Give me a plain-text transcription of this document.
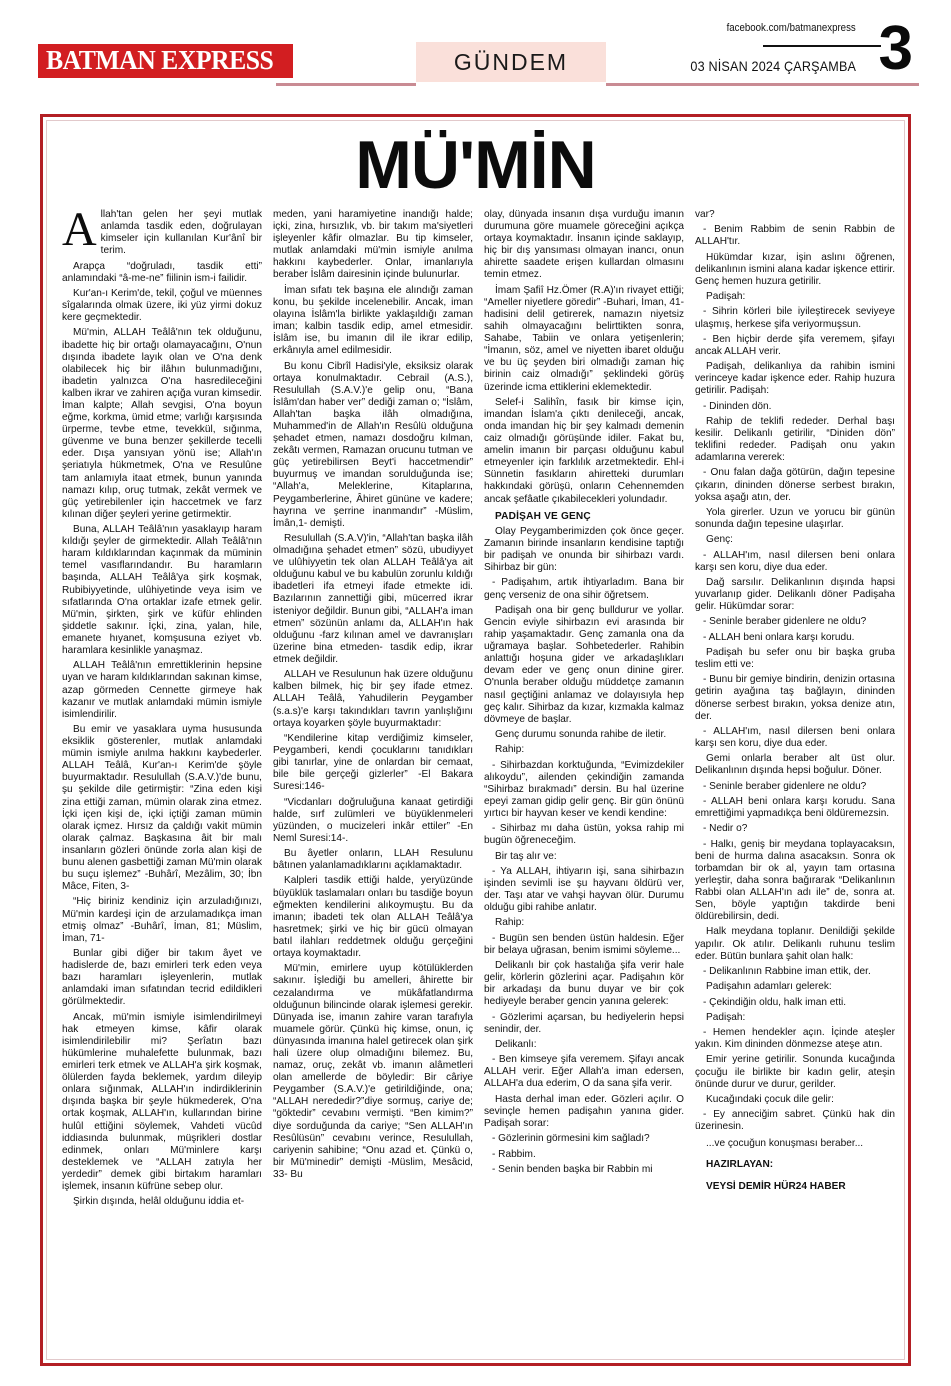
BATMAN EXPRESS	GÜNDEM
facebook.com/batmanexpress
03 NİSAN 2024 ÇARŞAMBA 3
MÜ'MİN

Allah'tan gelen her şeyi mutlak anlamda tasdik eden, doğrulayan kimseler için kullanılan Kur'ânî bir terim.

Arapça “doğruladı, tasdik etti” anlamındaki “â-me-ne” fiilinin ism-i failidir.

Kur'an-ı Kerim'de, tekil, çoğul ve müennes sîgalarında olmak üzere, iki yüz yirmi dokuz kere geçmektedir.

Mü'min, ALLAH Teâlâ'nın tek olduğunu, ibadette hiç bir ortağı olamayacağını, O'nun dışında ibadete layık olan ve O'na denk olabilecek hiç bir ilâhın bulunmadığını, ibadetin yalnızca O'na hasredileceğini kalben ikrar ve zahiren açığa vuran kimsedir. İman kalpte; Allah sevgisi, O'na boyun eğme, korkma, ümid etme; varlığı karşısında ürperme, tevbe etme, tevekkül, sığınma, güvenme ve buna benzer şekillerde tecelli eder. Dışa yansıyan yönü ise; Allah'ın şeriatıyla hükmetmek, O'na ve Resulûne tam anlamıyla itaat etmek, bunun yanında namazı kılıp, oruç tutmak, zekât vermek ve güç yetirebilenler için haccetmek ve farz kılınan diğer şeyleri yerine getirmektir.

Buna, ALLAH Teâlâ'nın yasaklayıp haram kıldığı şeyler de girmektedir. Allah Teâlâ'nın haram kıldıklarından kaçınmak da müminin temel vasıflarındandır. Bu haramların başında, ALLAH Teâlâ'ya şirk koşmak, Rubibiyyetinde, ulûhiyetinde veya isim ve sıfatlarında O'na ortaklar izafe etmek gelir. Mü'min, şirkten, şirk ve küfür ehlinden şiddetle sakınır. İçki, zina, yalan, hile, emanete hıyanet, komşusuna eziyet vb. haramlara kesinlikle yanaşmaz.

ALLAH Teâlâ'nın emrettiklerinin hepsine uyan ve haram kıldıklarından sakınan kimse, azap görmeden Cennette girmeye hak kazanır ve mutlak anlamdaki mümin ismiyle isimlendirilir.

Bu emir ve yasaklara uyma hususunda eksiklik gösterenler, mutlak anlamdaki mümin ismiyle anılma hakkını kaybederler. ALLAH Teâlâ, Kur'an-ı Kerim'de şöyle buyurmaktadır. Resulullah (S.A.V.)'de bunu, şu şekilde dile getirmiştir: “Zina eden kişi zina ettiği zaman, mümin olarak zina etmez. İçki içen kişi de, içki içtiği zaman mümin olarak içmez. Hırsız da çaldığı vakit mümin olarak çalmaz. Başkasına âit bir malı insanların gözleri önünde zorla alan kişi de bunu alenen gasbettiği zaman Mü'min olarak bu suçu işlemez” -Buhârî, Mezâlim, 30; İbn Mâce, Fiten, 3-

“Hiç biriniz kendiniz için arzuladığınızı, Mü'min kardeşi için de arzulamadıkça iman etmiş olmaz” -Buhârî, İman, 81; Müslim, İman, 71-

Bunlar gibi diğer bir takım âyet ve hadislerde de, bazı emirleri terk eden veya bazı haramları işleyenlerin, mutlak anlamdaki iman sıfatından tecrid edildikleri görülmektedir.

Ancak, mü'min ismiyle isimlendirilmeyi hak etmeyen kimse, kâfir olarak isimlendirilebilir mi? Şerîatın bazı hükümlerine muhalefette bulunmak, bazı emirleri terk etmek ve ALLAH'a şirk koşmak, ölülerden fayda beklemek, yardım dileyip onlara sığınmak, ALLAH'ın indirdiklerinin dışında başka bir şeyle hükmederek, O'na ortak koşmak, ALLAH'ın, kullarından birine hulûl ettiğini söylemek, Vahdeti vücûd iddiasında bulunmak, müşrikleri dostlar edinmek, onları Mü'minlere karşı desteklemek ve “ALLAH zatıyla her yerdedir” demek gibi birtakım haramları işlemek, insanın küfrüne sebep olur.

Şirkin dışında, helâl olduğunu iddia et-

meden, yani haramiyetine inandığı halde; içki, zina, hırsızlık, vb. bir takım ma'siyetleri işleyenler kâfir olmazlar. Bu tip kimseler, mutlak anlamdaki mü'min ismiyle anılma hakkını kaybederler. Onlar, imanlarıyla beraber İslâm dairesinin içinde bulunurlar.

İman sıfatı tek başına ele alındığı zaman konu, bu şekilde incelenebilir. Ancak, iman olayına İslâm'la birlikte yaklaşıldığı zaman iman; kalbin tasdik edip, amel etmesidir. İslâm ise, bu imanın dil ile ikrar edilip, erkânıyla amel edilmesidir.

Bu konu Cibrîl Hadisi'yle, eksiksiz olarak ortaya konulmaktadır. Cebrail (A.S.), Resulullah (S.A.V.)'e gelip onu, “Bana İslâm'dan haber ver” dediği zaman o; “İslâm, Allah'tan başka ilâh olmadığına, Muhammed'in de Allah'ın Resûlü olduğuna şehadet etmen, namazı dosdoğru kılman, zekâtı vermen, Ramazan orucunu tutman ve güç yetirebilirsen Beyt'i haccetmendir” buyurmuş ve imandan sorulduğunda ise; “Allah'a, Meleklerine, Kitaplarına, Peygamberlerine, Âhiret gününe ve kadere; hayrına ve şerrine inanmandır” -Müslim, İmân,1- demişti.

Resulullah (S.A.V)'in, “Allah'tan başka ilâh olmadığına şehadet etmen” sözü, ubudiyyet ve ulûhiyyetin tek olan ALLAH Teâlâ'ya ait olduğunu kabul ve bu kabulün zorunlu kıldığı ibadetleri ifa etmeyi ifade etmekte idi. Bazılarının zannettiği gibi, mücerred ikrar isteniyor değildir. Bunun gibi, “ALLAH'a iman etmen” sözünün anlamı da, ALLAH'ın hak olduğunu -farz kılınan amel ve davranışları üzerine bina etmeden- tasdik edip, ikrar etmek değildir.

ALLAH ve Resulunun hak üzere olduğunu kalben bilmek, hiç bir şey ifade etmez. ALLAH Teâlâ, Yahudilerin Peygamber (s.a.s)'e karşı takındıkları tavrın yanlışlığını ortaya koyarken şöyle buyurmaktadır:

“Kendilerine kitap verdiğimiz kimseler, Peygamberi, kendi çocuklarını tanıdıkları gibi tanırlar, yine de onlardan bir cemaat, bile bile gerçeği gizlerler” -El Bakara Suresi:146-

“Vicdanları doğruluğuna kanaat getirdiği halde, sırf zulümleri ve büyüklenmeleri yüzünden, o mucizeleri inkâr ettiler” -En Neml Suresi:14-.

Bu âyetler onların, LLAH Resulunu bâtınen yalanlamadıklarını açıklamaktadır.

Kalpleri tasdik ettiği halde, yeryüzünde büyüklük taslamaları onları bu tasdiğe boyun eğmekten kendilerini alıkoymuştu. Bu da imanın; ibadeti tek olan ALLAH Teâlâ'ya hasretmek; şirki ve hiç bir gücü olmayan batıl ilahları reddetmek olduğu gerçeğini ortaya koymaktadır.

Mü'min, emirlere uyup kötülüklerden sakınır. İşlediği bu amelleri, âhirette bir cezalandırma ve mükâfatlandırma olduğunun bilincinde olarak işlemesi gerekir. Dünyada ise, imanın zahire varan tarafıyla muamele görür. Çünkü hiç kimse, onun, iç dünyasında imanına halel getirecek olan şirk hali üzere olup olmadığını bilemez. Bu, namaz, oruç, zekât vb. imanın alâmetleri olan amellerde de böyledir: Bir câriye Peygamber (S.A.V.)'e getirildiğinde, ona; “ALLAH nerededir?”diye sormuş, cariye de; “göktedir” cevabını vermişti. “Ben kimim?” diye sorduğunda da cariye; “Sen ALLAH'ın Resûlüsün” cevabını verince, Resulullah, cariyenin sahibine; “Onu azad et. Çünkü o, bir Mü'minedir” demişti -Müslim, Mesâcid, 33- Bu

olay, dünyada insanın dışa vurduğu imanın durumuna göre muamele göreceğini açıkça ortaya koymaktadır. İnsanın içinde saklayıp, hiç bir dış yansıması olmayan inancı, onun ahirette saadete erişen kullardan olmasını temin etmez.

İmam Şafiî Hz.Ömer (R.A)'ın rivayet ettiği; “Ameller niyetlere göredir” -Buhari, İman, 41- hadisini delil getirerek, namazın niyetsiz sahih olmayacağını belirttikten sonra, Sahabe, Tabiin ve onlara yetişenlerin; “İmanın, söz, amel ve niyetten ibaret olduğu ve bu üç şeyden biri olmadığı zaman hiç birinin caiz olmadığı” şeklindeki görüş üzerinde icma ettiklerini eklemektedir.

Selef-i Salihîn, fasık bir kimse için, imandan İslam'a çıktı denileceği, ancak, onda imandan hiç bir şey kalmadı demenin caiz olmadığı görüşünde idiler. Fakat bu, amelin imanın bir parçası olduğunu kabul etmeyenler için farklılık arzetmektedir. Ehl-i Sünnetin fasıkların ahiretteki durumları hakkındaki görüşü, onların Cehennemden ancak şefâatle çıkabilecekleri yolundadır.

PADİŞAH VE GENÇ

Olay Peygamberimizden çok önce geçer. Zamanın birinde insanların kendisine taptığı bir padişah ve onunda bir sihirbazı vardı. Sihirbaz bir gün:

- Padişahım, artık ihtiyarladım. Bana bir genç verseniz de ona sihir öğretsem.

Padişah ona bir genç bulldurur ve yollar. Gencin eviyle sihirbazın evi arasında bir rahip yaşamaktadır. Genç zamanla ona da uğramaya başlar. Sohbetederler. Rahibin anlattığı hoşuna gider ve arkadaşlıkları devam eder ve genç onun dinine girer. O'nunla beraber olduğu müddetçe zamanın nasıl geçtiğini anlamaz ve dolayısıyla hep geç kalır. Sihirbaz da kızar, kızmakla kalmaz dövmeye de başlar.

Genç durumu sonunda rahibe de iletir.

Rahip:

- Sihirbazdan korktuğunda, “Evimizdekiler alıkoydu”, ailenden çekindiğin zamanda “Sihirbaz bırakmadı” dersin. Bu hal üzerine epeyi zaman gidip gelir genç. Bir gün önünü yırtıcı bir hayvan keser ve kendi kendine:

- Sihirbaz mı daha üstün, yoksa rahip mi bugün öğreneceğim.

Bir taş alır ve:

- Ya ALLAH, ihtiyarın işi, sana sihirbazın işinden sevimli ise şu hayvanı öldürü ver, der. Taşı atar ve vahşi hayvan ölür. Durumu olduğu gibi rahibe anlatır.

Rahip:

- Bugün sen benden üstün haldesin. Eğer bir belaya uğrasan, benim ismimi söyleme...

Delikanlı bir çok hastalığa şifa verir hale gelir, körlerin gözlerini açar. Padişahın kör bir arkadaşı da bunu duyar ve bir çok hediyeyle beraber gencin yanına gelerek:

- Gözlerimi açarsan, bu hediyelerin hepsi senindir, der.

Delikanlı:

- Ben kimseye şifa veremem. Şifayı ancak ALLAH verir. Eğer Allah'a iman edersen, ALLAH'a dua ederim, O da sana şifa verir.

Hasta derhal iman eder. Gözleri açılır. O sevinçle hemen padişahın yanına gider. Padişah sorar:

- Gözlerinin görmesini kim sağladı?

- Rabbim.

- Senin benden başka bir Rabbin mi

var?

- Benim Rabbim de senin Rabbin de ALLAH'tır.

Hükümdar kızar, işin aslını öğrenen, delikanlının ismini alana kadar işkence ettirir. Genç hemen huzura getirilir.

Padişah:

- Sihrin körleri bile iyileştirecek seviyeye ulaşmış, herkese şifa veriyormuşsun.

- Ben hiçbir derde şifa veremem, şifayı ancak ALLAH verir.

Padişah, delikanlıya da rahibin ismini verinceye kadar işkence eder. Rahip huzura getirilir. Padişah:

- Dininden dön.

Rahip de teklifi rededer. Derhal başı kesilir. Delikanlı getirilir, “Diniden dön” teklifini rededer. Padişah onu yakın adamlarına vererek:

- Onu falan dağa götürün, dağın tepesine çıkarın, dininden dönerse serbest bırakın, yoksa aşağı atın, der.

Yola girerler. Uzun ve yorucu bir günün sonunda dağın tepesine ulaşırlar.

Genç:

- ALLAH'ım, nasıl dilersen beni onlara karşı sen koru, diye dua eder.

Dağ sarsılır. Delikanlının dışında hapsi yuvarlanıp gider. Delikanlı döner Padişaha gelir. Hükümdar sorar:

- Seninle beraber gidenlere ne oldu?

- ALLAH beni onlara karşı korudu.

Padişah bu sefer onu bir başka gruba teslim etti ve:

- Bunu bir gemiye bindirin, denizin ortasına getirin ayağına taş bağlayın, dininden dönerse serbest bırakın, yoksa denize atın, der.

- ALLAH'ım, nasıl dilersen beni onlara karşı sen koru, diye dua eder.

Gemi onlarla beraber alt üst olur. Delikanlının dışında hepsi boğulur. Döner.

- Seninle beraber gidenlere ne oldu?

- ALLAH beni onlara karşı korudu. Sana emrettiğimi yapmadıkça beni öldüremezsin.

- Nedir o?

- Halkı, geniş bir meydana toplayacaksın, beni de hurma dalına asacaksın. Sonra ok torbamdan bir ok al, yayın tam ortasına yerleştir, daha sonra bağırarak “Delikanlının Rabbi olan ALLAH'ın adı ile” de, sonra at. Sen, böyle yaptığın takdirde beni öldürebilirsin, dedi.

Halk meydana toplanır. Denildiği şekilde yapılır. Ok atılır. Delikanlı ruhunu teslim eder. Bütün bunlara şahit olan halk:

- Delikanlının Rabbine iman ettik, der.

Padişahın adamları gelerek:

- Çekindiğin oldu, halk iman etti.

Padişah:

- Hemen hendekler açın. İçinde ateşler yakın. Kim dininden dönmezse ateşe atın.

Emir yerine getirilir. Sonunda kucağında çocuğu ile birlikte bir kadın gelir, ateşin önünde durur ve durur, gerilder.

Kucağındaki çocuk dile gelir:

- Ey anneciğim sabret. Çünkü hak din üzerinesin.

...ve çocuğun konuşması beraber...

HAZIRLAYAN:

VEYSİ DEMİR HÜR24 HABER
